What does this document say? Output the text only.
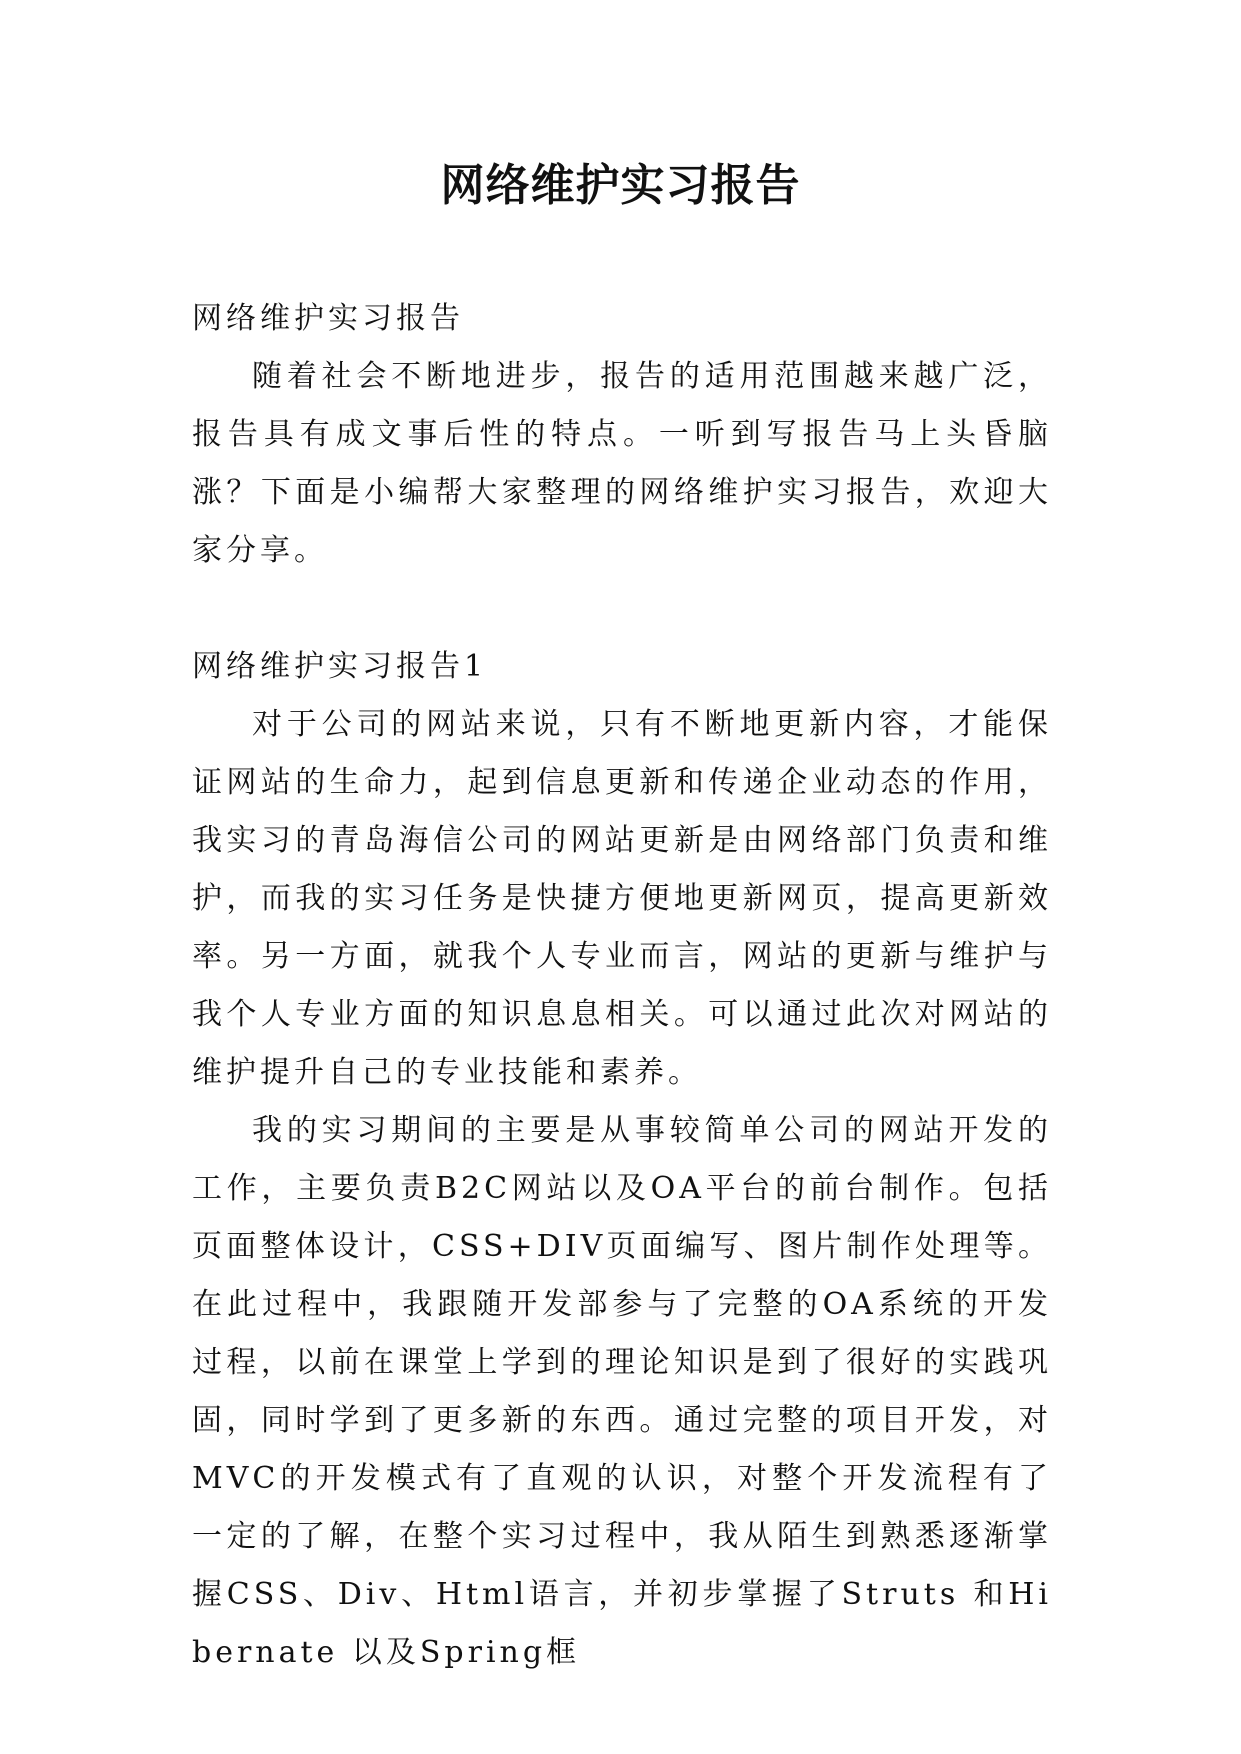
网络维护实习报告
网络维护实习报告

随着社会不断地进步，报告的适用范围越来越广泛，报告具有成文事后性的特点。一听到写报告马上头昏脑涨？下面是小编帮大家整理的网络维护实习报告，欢迎大家分享。

网络维护实习报告1

对于公司的网站来说，只有不断地更新内容，才能保证网站的生命力，起到信息更新和传递企业动态的作用，我实习的青岛海信公司的网站更新是由网络部门负责和维护，而我的实习任务是快捷方便地更新网页，提高更新效率。另一方面，就我个人专业而言，网站的更新与维护与我个人专业方面的知识息息相关。可以通过此次对网站的维护提升自己的专业技能和素养。

我的实习期间的主要是从事较简单公司的网站开发的工作，主要负责B2C网站以及OA平台的前台制作。包括页面整体设计，CSS+DIV页面编写、图片制作处理等。在此过程中，我跟随开发部参与了完整的OA系统的开发过程，以前在课堂上学到的理论知识是到了很好的实践巩固，同时学到了更多新的东西。通过完整的项目开发，对MVC的开发模式有了直观的认识，对整个开发流程有了一定的了解，在整个实习过程中，我从陌生到熟悉逐渐掌握CSS、Div、Html语言，并初步掌握了Struts 和Hibernate 以及Spring框
